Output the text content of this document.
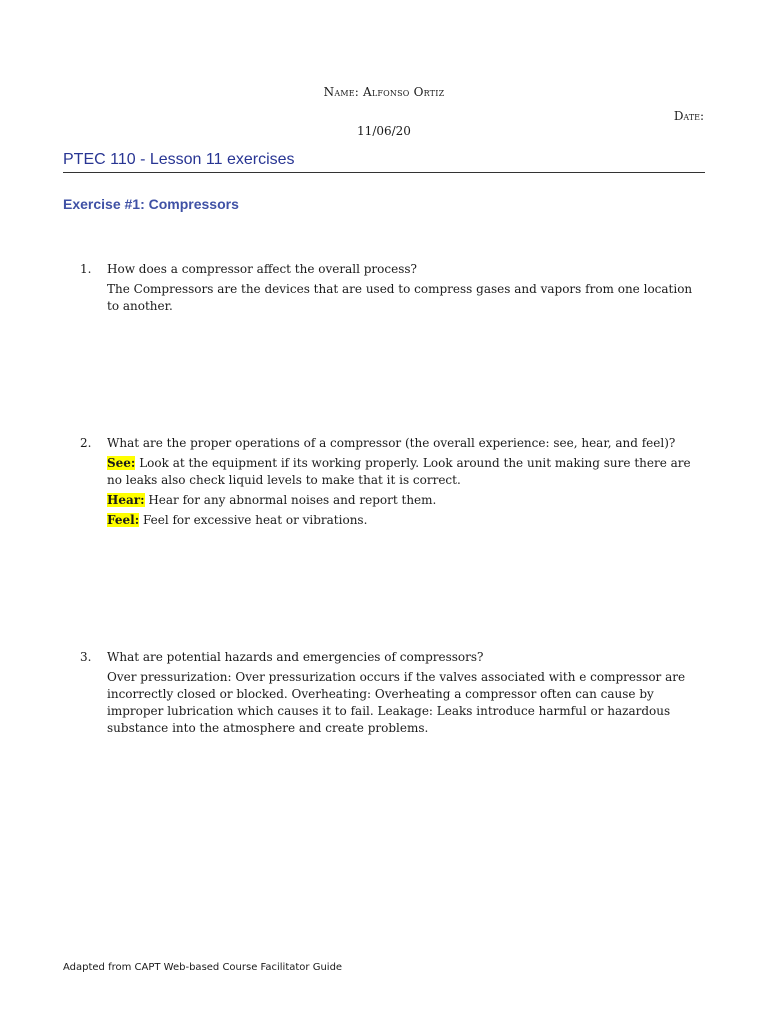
Name: Alfonso Ortiz
Date:
11/06/20
PTEC 110 - Lesson 11 exercises
Exercise #1: Compressors
1.	How does a compressor affect the overall process?

The Compressors are the devices that are used to compress gases and vapors from one location to another.

2.	What are the proper operations of a compressor (the overall experience: see, hear, and feel)?

See: Look at the equipment if its working properly. Look around the unit making sure there are no leaks also check liquid levels to make that it is correct.

Hear: Hear for any abnormal noises and report them.

Feel: Feel for excessive heat or vibrations.

3.	What are potential hazards and emergencies of compressors?

Over pressurization: Over pressurization occurs if the valves associated with e compressor are incorrectly closed or blocked. Overheating: Overheating a compressor often can cause by improper lubrication which causes it to fail. Leakage: Leaks introduce harmful or hazardous substance into the atmosphere and create problems.

Adapted from CAPT Web-based Course Facilitator Guide
